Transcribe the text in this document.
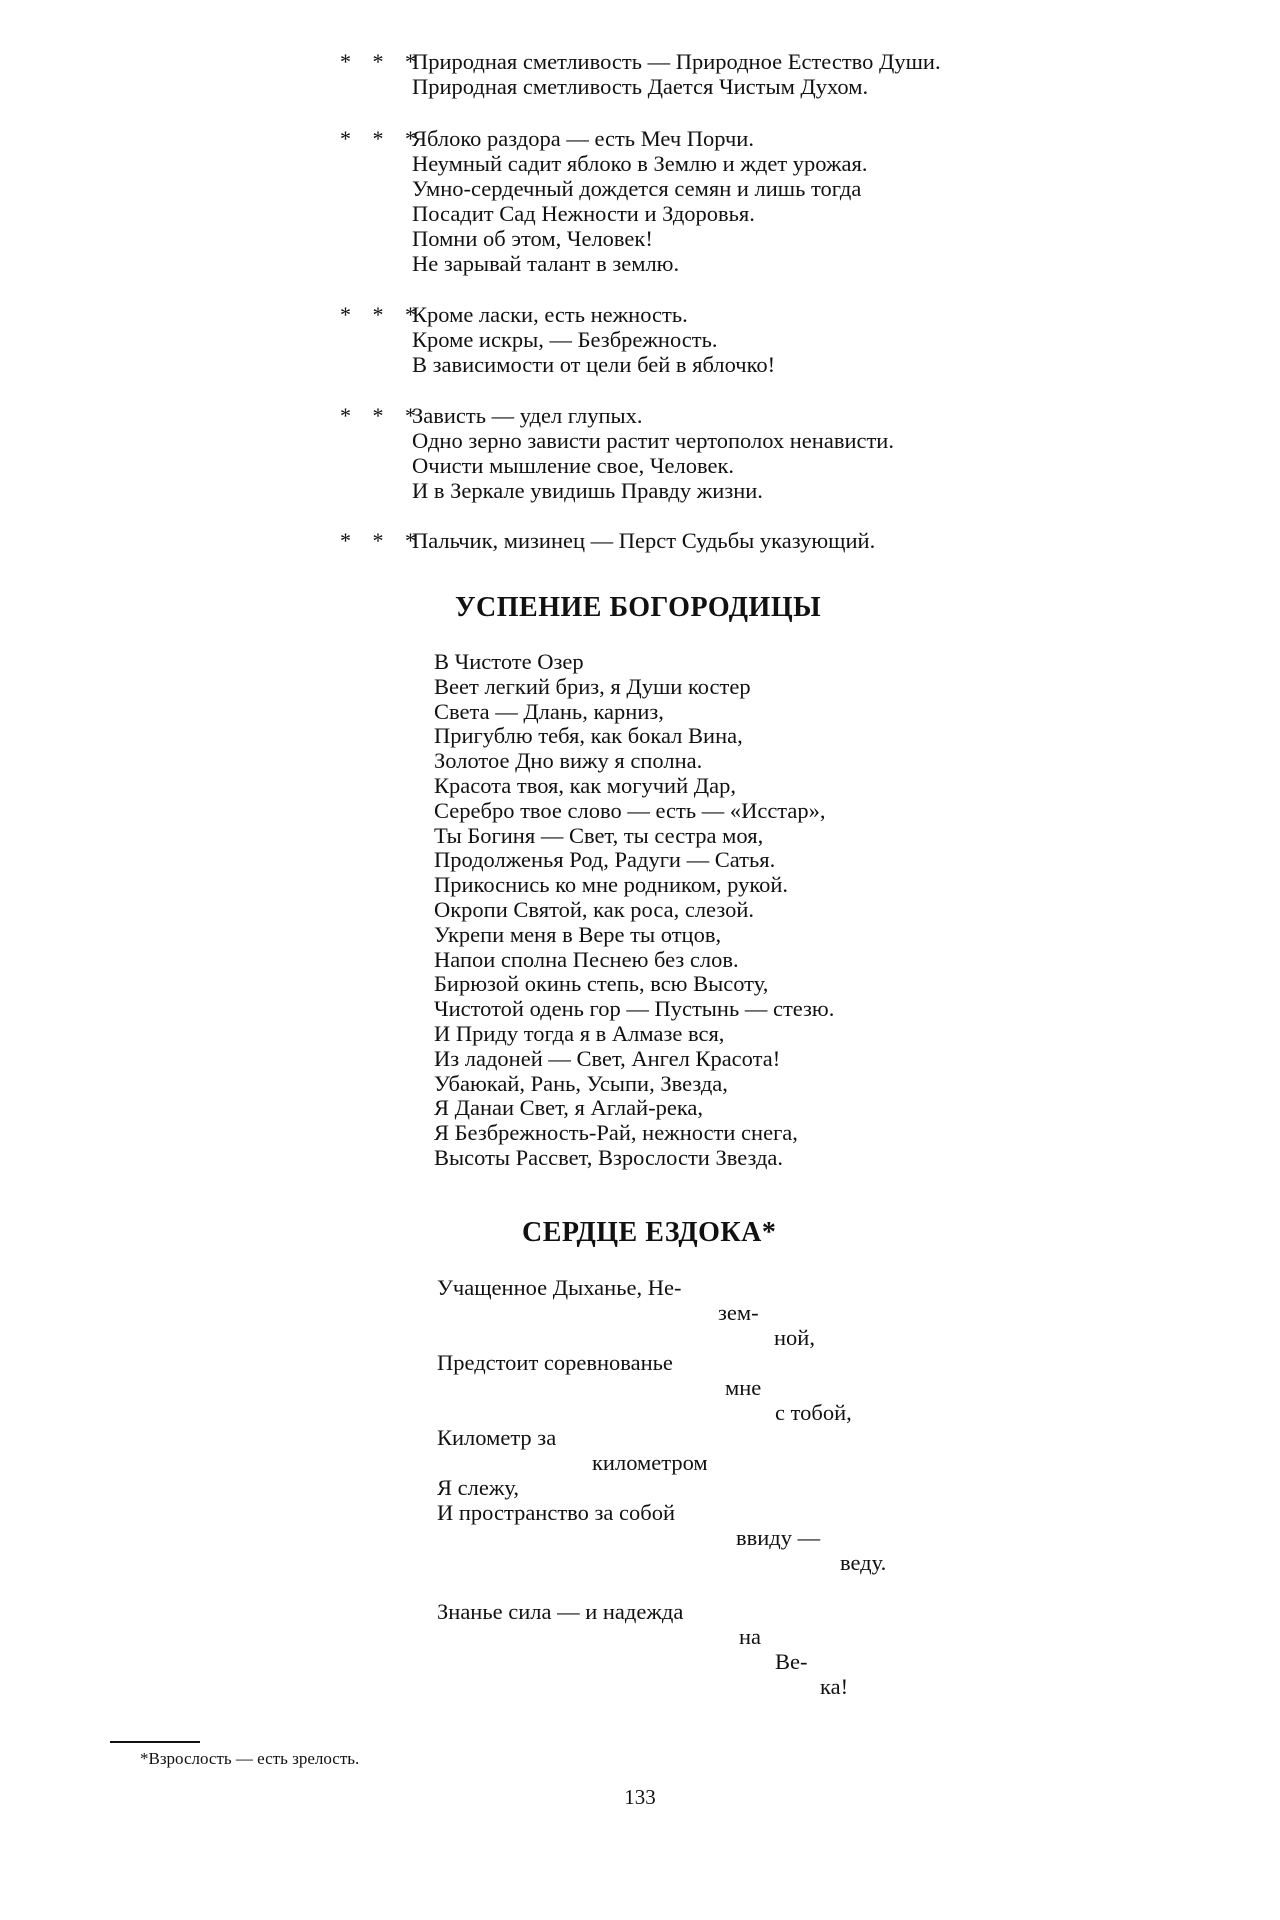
* * *
Природная сметливость — Природное Естество Души.
Природная сметливость Дается Чистым Духом.
* * *
Яблоко раздора — есть Меч Порчи.
Неумный садит яблоко в Землю и ждет урожая.
Умно-сердечный дождется семян и лишь тогда
Посадит Сад Нежности и Здоровья.
Помни об этом, Человек!
Не зарывай талант в землю.
* * *
Кроме ласки, есть нежность.
Кроме искры, — Безбрежность.
В зависимости от цели бей в яблочко!
* * *
Зависть — удел глупых.
Одно зерно зависти растит чертополох ненависти.
Очисти мышление свое, Человек.
И в Зеркале увидишь Правду жизни.
* * *
Пальчик, мизинец — Перст Судьбы указующий.
УСПЕНИЕ БОГОРОДИЦЫ
В Чистоте Озер
Веет легкий бриз, я Души костер
Света — Длань, карниз,
Пригублю тебя, как бокал Вина,
Золотое Дно вижу я сполна.
Красота твоя, как могучий Дар,
Серебро твое слово — есть — «Исстар»,
Ты Богиня — Свет, ты сестра моя,
Продолженья Род, Радуги — Сатья.
Прикоснись ко мне родником, рукой.
Окропи Святой, как роса, слезой.
Укрепи меня в Вере ты отцов,
Напои сполна Песнею без слов.
Бирюзой окинь степь, всю Высоту,
Чистотой одень гор — Пустынь — стезю.
И Приду тогда я в Алмазе вся,
Из ладоней — Свет, Ангел Красота!
Убаюкай, Рань, Усыпи, Звезда,
Я Данаи Свет, я Аглай-река,
Я Безбрежность-Рай, нежности снега,
Высоты Рассвет, Взрослости Звезда.
СЕРДЦЕ ЕЗДОКА*
Учащенное Дыханье, Не-
зем-
ной,
Предстоит соревнованье
мне
с тобой,
Километр за
километром
Я слежу,
И пространство за собой
ввиду —
веду.
Знанье сила — и надежда
на
Ве-
ка!
*Взрослость — есть зрелость.
133
